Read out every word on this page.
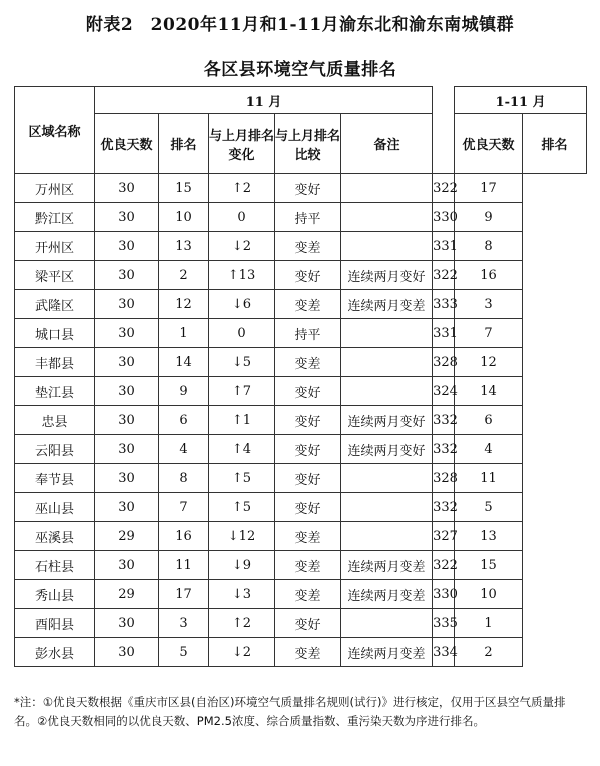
附表2　2020年11月和1-11月渝东北和渝东南城镇群
各区县环境空气质量排名
区域名称	11 月						1-11 月	
	优良天数	排名	与上月排名变化	与上月排名比较	备注		优良天数	排名
万州区	30	15	↑2	变好		322	17	
黔江区	30	10	0	持平		330	9	
开州区	30	13	↓2	变差		331	8	
梁平区	30	2	↑13	变好	连续两月变好	322	16	
武隆区	30	12	↓6	变差	连续两月变差	333	3	
城口县	30	1	0	持平		331	7	
丰都县	30	14	↓5	变差		328	12	
垫江县	30	9	↑7	变好		324	14	
忠县	30	6	↑1	变好	连续两月变好	332	6	
云阳县	30	4	↑4	变好	连续两月变好	332	4	
奉节县	30	8	↑5	变好		328	11	
巫山县	30	7	↑5	变好		332	5	
巫溪县	29	16	↓12	变差		327	13	
石柱县	30	11	↓9	变差	连续两月变差	322	15	
秀山县	29	17	↓3	变差	连续两月变差	330	10	
酉阳县	30	3	↑2	变好		335	1	
彭水县	30	5	↓2	变差	连续两月变差	334	2	
*注：①优良天数根据《重庆市区县(自治区)环境空气质量排名规则(试行)》进行核定，仅用于区县空气质量排名。②优良天数相同的以优良天数、PM2.5浓度、综合质量指数、重污染天数为序进行排名。
